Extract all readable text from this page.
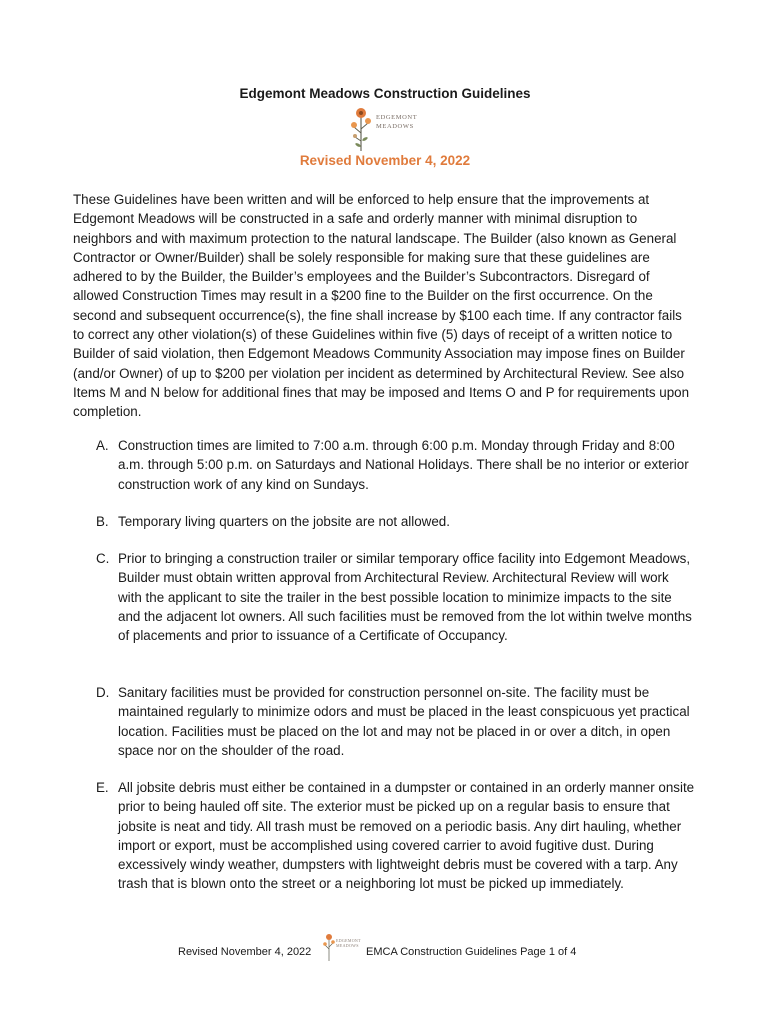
Edgemont Meadows Construction Guidelines
EDGEMONT
MEADOWS
Revised November 4, 2022

These Guidelines have been written and will be enforced to help ensure that the improvements at Edgemont Meadows will be constructed in a safe and orderly manner with minimal disruption to neighbors and with maximum protection to the natural landscape. The Builder (also known as General Contractor or Owner/Builder) shall be solely responsible for making sure that these guidelines are adhered to by the Builder, the Builder’s employees and the Builder’s Subcontractors. Disregard of allowed Construction Times may result in a $200 fine to the Builder on the first occurrence. On the second and subsequent occurrence(s), the fine shall increase by $100 each time. If any contractor fails to correct any other violation(s) of these Guidelines within five (5) days of receipt of a written notice to Builder of said violation, then Edgemont Meadows Community Association may impose fines on Builder (and/or Owner) of up to $200 per violation per incident as determined by Architectural Review. See also Items M and N below for additional fines that may be imposed and Items O and P for requirements upon completion.

A. Construction times are limited to 7:00 a.m. through 6:00 p.m. Monday through Friday and 8:00 a.m. through 5:00 p.m. on Saturdays and National Holidays. There shall be no interior or exterior construction work of any kind on Sundays.
B. Temporary living quarters on the jobsite are not allowed.
C. Prior to bringing a construction trailer or similar temporary office facility into Edgemont Meadows, Builder must obtain written approval from Architectural Review. Architectural Review will work with the applicant to site the trailer in the best possible location to minimize impacts to the site and the adjacent lot owners. All such facilities must be removed from the lot within twelve months of placements and prior to issuance of a Certificate of Occupancy.
D. Sanitary facilities must be provided for construction personnel on-site. The facility must be maintained regularly to minimize odors and must be placed in the least conspicuous yet practical location. Facilities must be placed on the lot and may not be placed in or over a ditch, in open space nor on the shoulder of the road.
E. All jobsite debris must either be contained in a dumpster or contained in an orderly manner onsite prior to being hauled off site. The exterior must be picked up on a regular basis to ensure that jobsite is neat and tidy. All trash must be removed on a periodic basis. Any dirt hauling, whether import or export, must be accomplished using covered carrier to avoid fugitive dust. During excessively windy weather, dumpsters with lightweight debris must be covered with a tarp. Any trash that is blown onto the street or a neighboring lot must be picked up immediately.
Revised November 4, 2022
EDGEMONT
MEADOWS
EMCA Construction Guidelines Page 1 of 4
